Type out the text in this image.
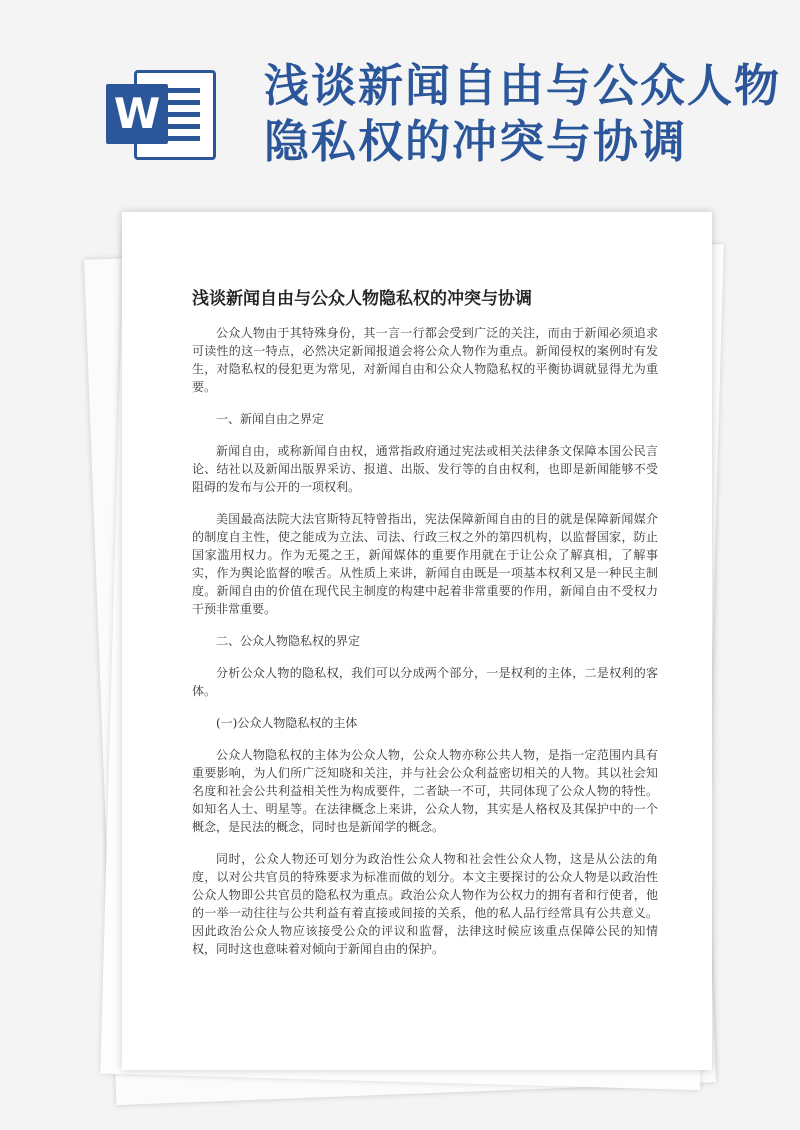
W
浅谈新闻自由与公众人物隐私权的冲突与协调
浅谈新闻自由与公众人物隐私权的冲突与协调

公众人物由于其特殊身份，其一言一行都会受到广泛的关注，而由于新闻必须追求可读性的这一特点，必然决定新闻报道会将公众人物作为重点。新闻侵权的案例时有发生，对隐私权的侵犯更为常见，对新闻自由和公众人物隐私权的平衡协调就显得尤为重要。

一、新闻自由之界定

新闻自由，或称新闻自由权，通常指政府通过宪法或相关法律条文保障本国公民言论、结社以及新闻出版界采访、报道、出版、发行等的自由权利，也即是新闻能够不受阻碍的发布与公开的一项权利。

美国最高法院大法官斯特瓦特曾指出，宪法保障新闻自由的目的就是保障新闻媒介的制度自主性，使之能成为立法、司法、行政三权之外的第四机构，以监督国家，防止国家滥用权力。作为无冕之王，新闻媒体的重要作用就在于让公众了解真相，了解事实，作为舆论监督的喉舌。从性质上来讲，新闻自由既是一项基本权利又是一种民主制度。新闻自由的价值在现代民主制度的构建中起着非常重要的作用，新闻自由不受权力干预非常重要。

二、公众人物隐私权的界定

分析公众人物的隐私权，我们可以分成两个部分，一是权利的主体，二是权利的客体。

(一)公众人物隐私权的主体

公众人物隐私权的主体为公众人物，公众人物亦称公共人物，是指一定范围内具有重要影响，为人们所广泛知晓和关注，并与社会公众利益密切相关的人物。其以社会知名度和社会公共利益相关性为构成要件，二者缺一不可，共同体现了公众人物的特性。如知名人士、明星等。在法律概念上来讲，公众人物，其实是人格权及其保护中的一个概念，是民法的概念，同时也是新闻学的概念。

同时，公众人物还可划分为政治性公众人物和社会性公众人物，这是从公法的角度，以对公共官员的特殊要求为标准而做的划分。本文主要探讨的公众人物是以政治性公众人物即公共官员的隐私权为重点。政治公众人物作为公权力的拥有者和行使者，他的一举一动往往与公共利益有着直接或间接的关系，他的私人品行经常具有公共意义。因此政治公众人物应该接受公众的评议和监督，法律这时候应该重点保障公民的知情权，同时这也意味着对倾向于新闻自由的保护。
